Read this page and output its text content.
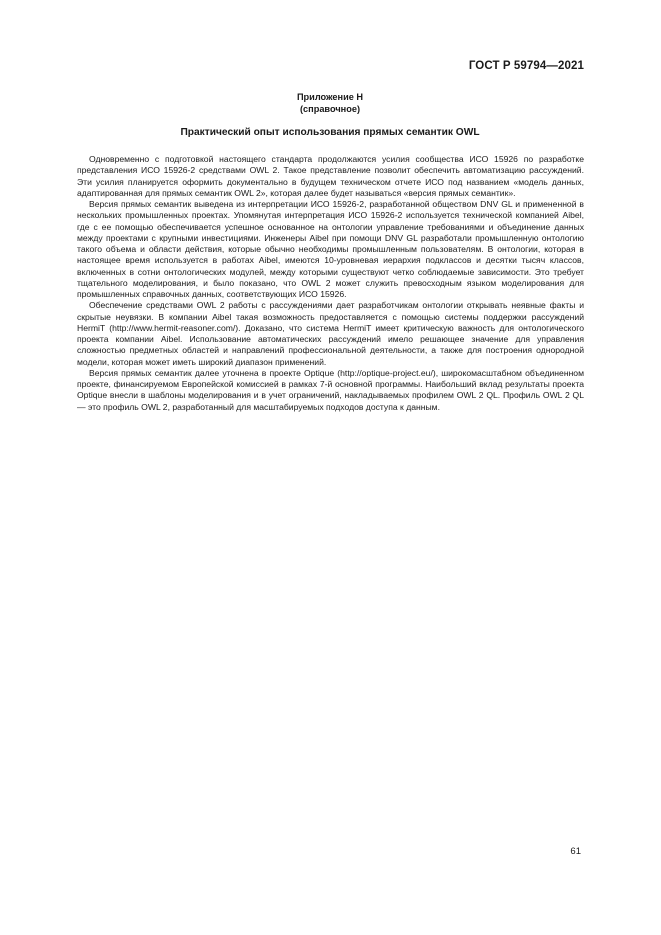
ГОСТ Р 59794—2021
Приложение Н
(справочное)
Практический опыт использования прямых семантик OWL

Одновременно с подготовкой настоящего стандарта продолжаются усилия сообщества ИСО 15926 по разработке представления ИСО 15926-2 средствами OWL 2. Такое представление позволит обеспечить автоматизацию рассуждений. Эти усилия планируется оформить документально в будущем техническом отчете ИСО под названием «модель данных, адаптированная для прямых семантик OWL 2», которая далее будет называться «версия прямых семантик».

Версия прямых семантик выведена из интерпретации ИСО 15926-2, разработанной обществом DNV GL и примененной в нескольких промышленных проектах. Упомянутая интерпретация ИСО 15926-2 используется технической компанией Aibel, где с ее помощью обеспечивается успешное основанное на онтологии управление требованиями и объединение данных между проектами с крупными инвестициями. Инженеры Aibel при помощи DNV GL разработали промышленную онтологию такого объема и области действия, которые обычно необходимы промышленным пользователям. В онтологии, которая в настоящее время используется в работах Aibel, имеются 10-уровневая иерархия подклассов и десятки тысяч классов, включенных в сотни онтологических модулей, между которыми существуют четко соблюдаемые зависимости. Это требует тщательного моделирования, и было показано, что OWL 2 может служить превосходным языком моделирования для промышленных справочных данных, соответствующих ИСО 15926.

Обеспечение средствами OWL 2 работы с рассуждениями дает разработчикам онтологии открывать неявные факты и скрытые неувязки. В компании Aibel такая возможность предоставляется с помощью системы поддержки рассуждений HermiT (http://www.hermit-reasoner.com/). Доказано, что система HermiT имеет критическую важность для онтологического проекта компании Aibel. Использование автоматических рассуждений имело решающее значение для управления сложностью предметных областей и направлений профессиональной деятельности, а также для построения однородной модели, которая может иметь широкий диапазон применений.

Версия прямых семантик далее уточнена в проекте Optique (http://optique-project.eu/), широкомасштабном объединенном проекте, финансируемом Европейской комиссией в рамках 7-й основной программы. Наибольший вклад результаты проекта Optique внесли в шаблоны моделирования и в учет ограничений, накладываемых профилем OWL 2 QL. Профиль OWL 2 QL — это профиль OWL 2, разработанный для масштабируемых подходов доступа к данным.

61
